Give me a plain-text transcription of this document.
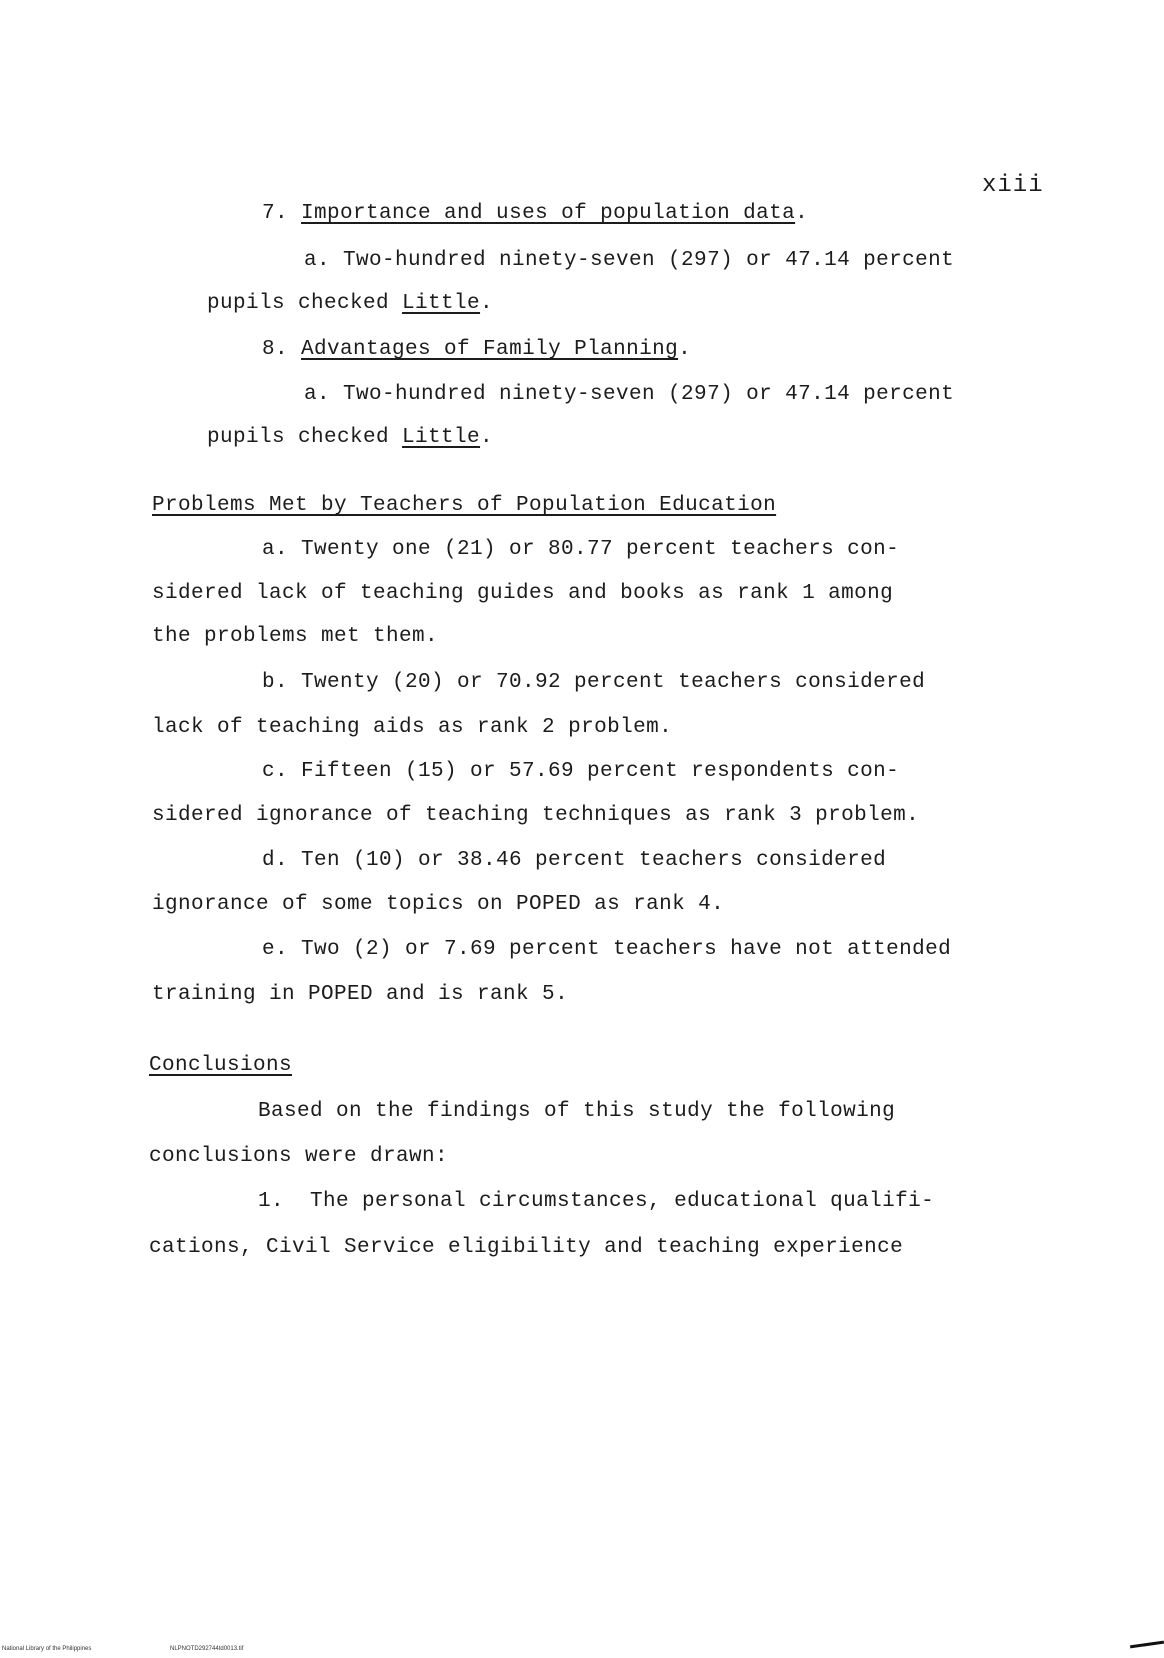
xiii
7. Importance and uses of population data.
a. Two-hundred ninety-seven (297) or 47.14 percent
pupils checked Little.
8. Advantages of Family Planning.
a. Two-hundred ninety-seven (297) or 47.14 percent
pupils checked Little.
Problems Met by Teachers of Population Education
a. Twenty one (21) or 80.77 percent teachers con-
sidered lack of teaching guides and books as rank 1 among
the problems met them.
b. Twenty (20) or 70.92 percent teachers considered
lack of teaching aids as rank 2 problem.
c. Fifteen (15) or 57.69 percent respondents con-
sidered ignorance of teaching techniques as rank 3 problem.
d. Ten (10) or 38.46 percent teachers considered
ignorance of some topics on POPED as rank 4.
e. Two (2) or 7.69 percent teachers have not attended
training in POPED and is rank 5.
Conclusions
Based on the findings of this study the following
conclusions were drawn:
1.  The personal circumstances, educational qualifi-
cations, Civil Service eligibility and teaching experience
National Library of the Philippines	NLPNOTD292744td0013.tif
